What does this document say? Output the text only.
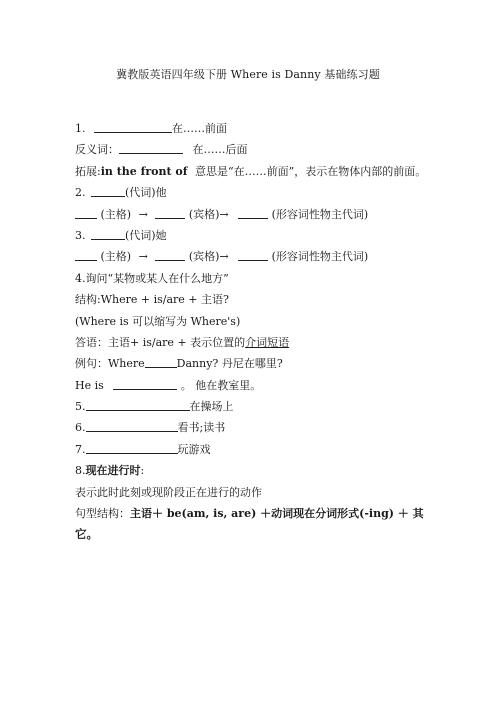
冀教版英语四年级下册 Where is Danny 基础练习题
1.	在……前面
反义词：	在……后面
拓展:in the front of 意思是“在……前面”，表示在物体内部的前面。
2.	(代词)他
(主格) →	(宾格)→	(形容词性物主代词)
3.	(代词)她
(主格) →	(宾格)→	(形容词性物主代词)
4.询问“某物或某人在什么地方”
结构:Where + is/are + 主语?
(Where is 可以缩写为 Where's)
答语：主语+ is/are + 表示位置的介词短语
例句：Where	Danny? 丹尼在哪里?
He is	。 他在教室里。
5.	在操场上
6.	看书;读书
7.	玩游戏
8.现在进行时:
表示此时此刻或现阶段正在进行的动作
句型结构：主语＋ be(am, is, are) ＋动词现在分词形式(-ing) ＋ 其
它。
